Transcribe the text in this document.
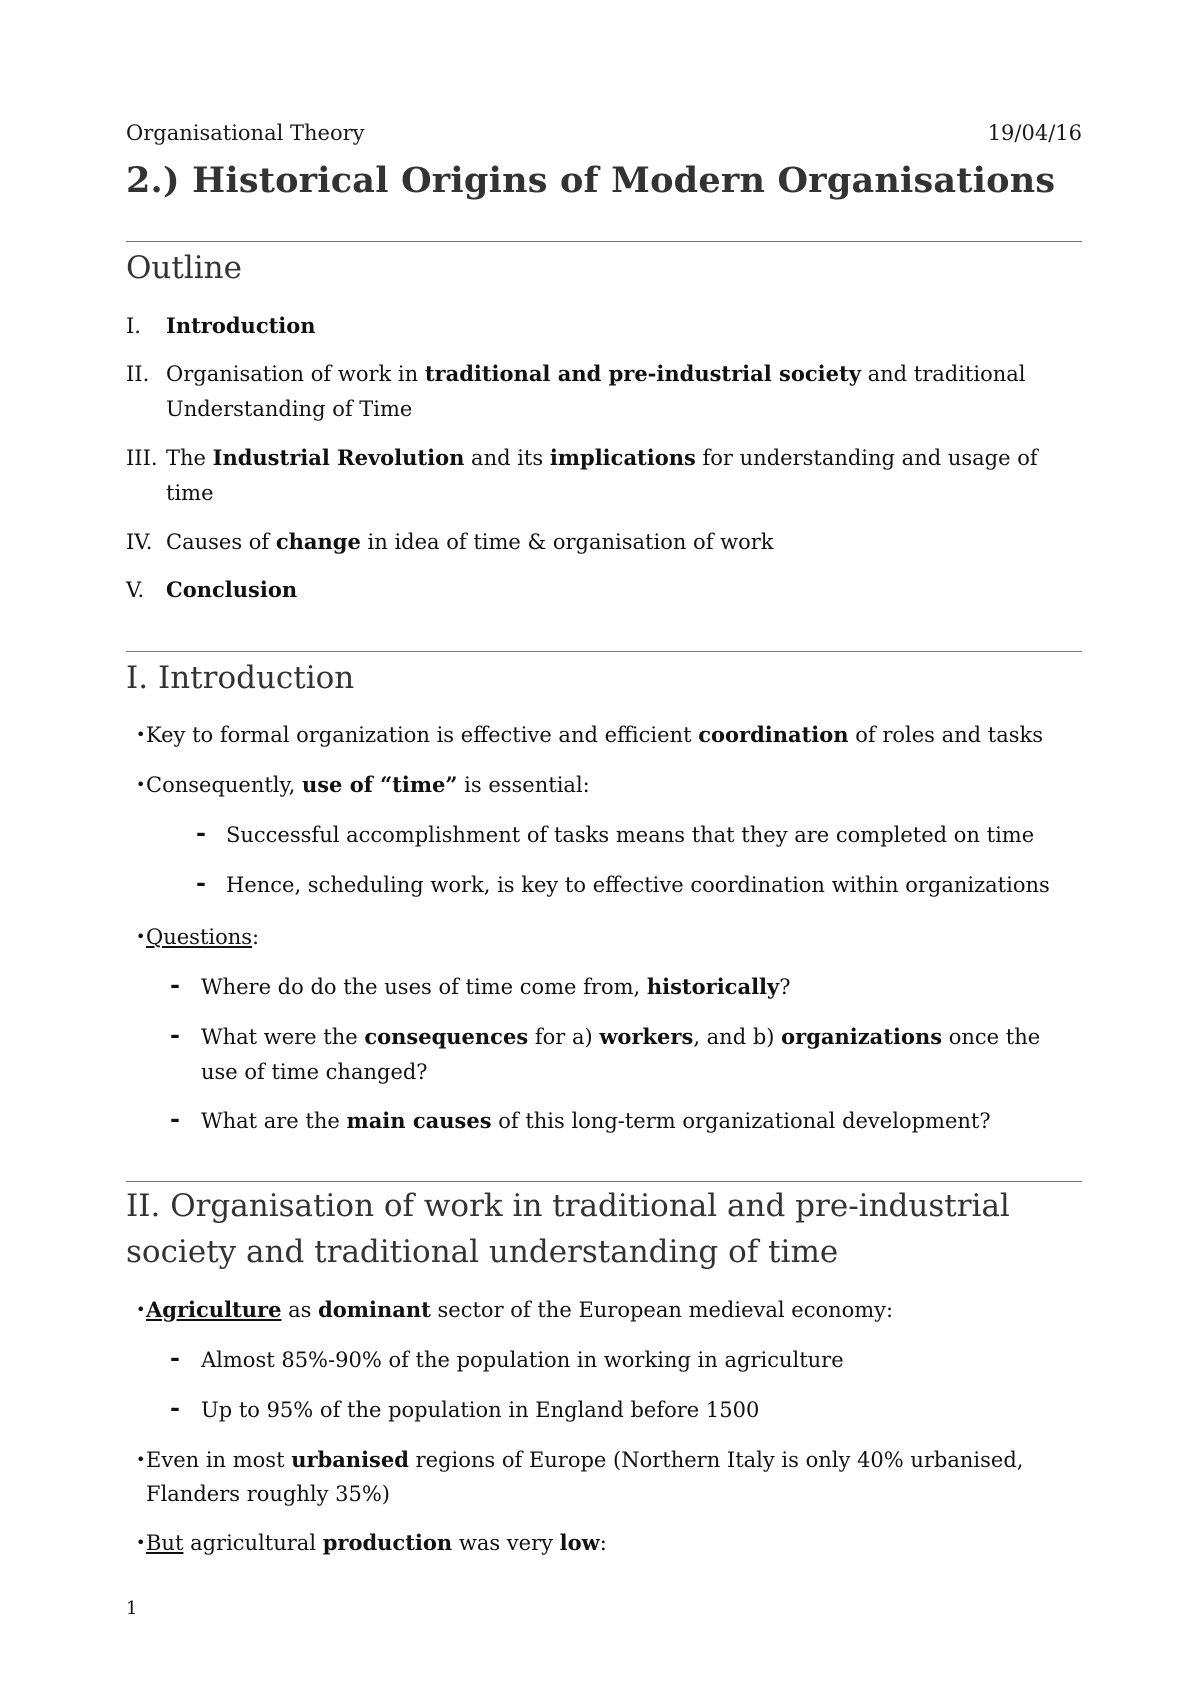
Organisational Theory	19/04/16
2.) Historical Origins of Modern Organisations
Outline
I. Introduction
II. Organisation of work in traditional and pre-industrial society and traditional
Understanding of Time
III. The Industrial Revolution and its implications for understanding and usage of
time
IV. Causes of change in idea of time & organisation of work
V. Conclusion
I. Introduction
• Key to formal organization is effective and efficient coordination of roles and tasks
• Consequently, use of “time” is essential:
- Successful accomplishment of tasks means that they are completed on time
- Hence, scheduling work, is key to effective coordination within organizations
• Questions:
- Where do do the uses of time come from, historically?
- What were the consequences for a) workers, and b) organizations once the
use of time changed?
- What are the main causes of this long-term organizational development?
II. Organisation of work in traditional and pre-industrial
society and traditional understanding of time
• Agriculture as dominant sector of the European medieval economy:
- Almost 85%-90% of the population in working in agriculture
- Up to 95% of the population in England before 1500
• Even in most urbanised regions of Europe (Northern Italy is only 40% urbanised,
Flanders roughly 35%)
• But agricultural production was very low:
1
